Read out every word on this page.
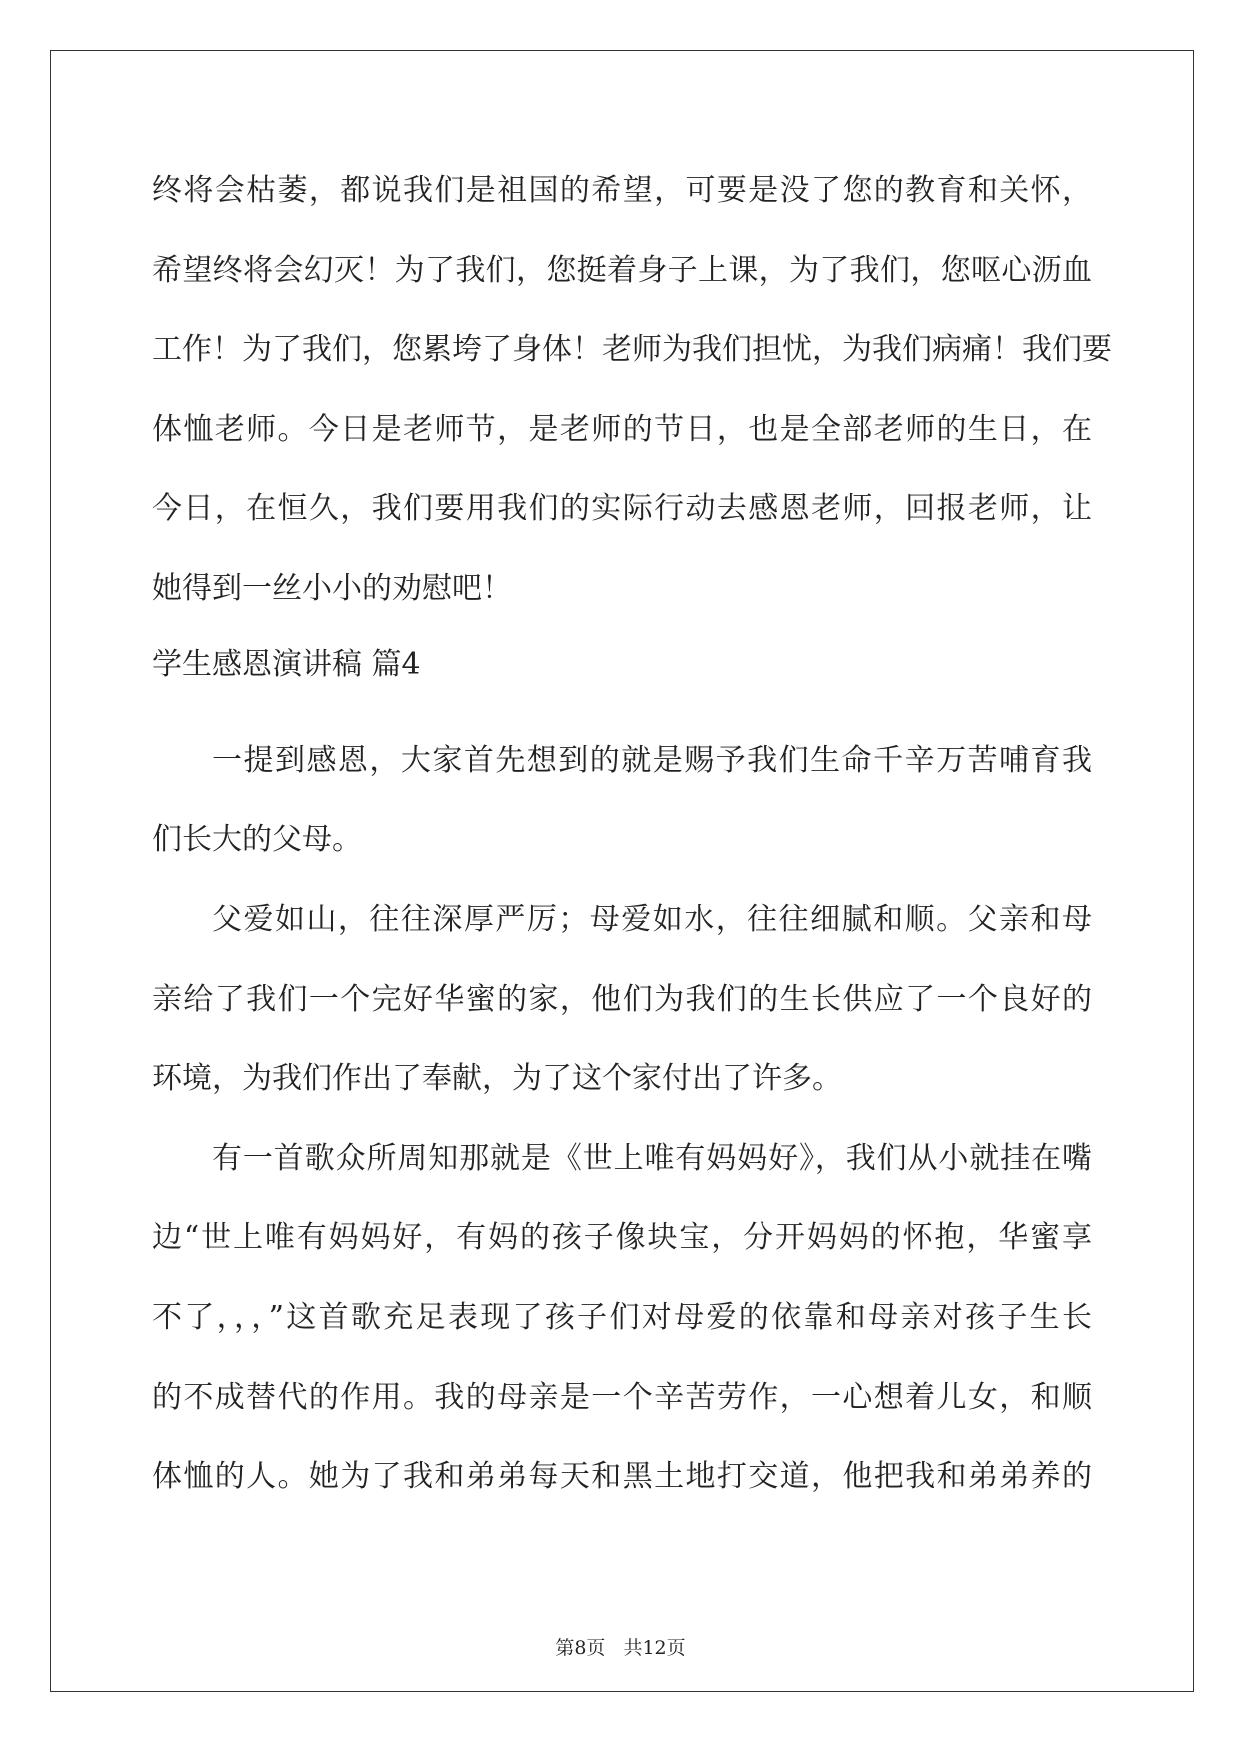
终将会枯萎，都说我们是祖国的希望，可要是没了您的教育和关怀，
希望终将会幻灭！为了我们，您挺着身子上课，为了我们，您呕心沥血
工作！为了我们，您累垮了身体！老师为我们担忧，为我们病痛！我们要
体恤老师。今日是老师节，是老师的节日，也是全部老师的生日，在
今日，在恒久，我们要用我们的实际行动去感恩老师，回报老师，让
她得到一丝小小的劝慰吧！
学生感恩演讲稿 篇4
一提到感恩，大家首先想到的就是赐予我们生命千辛万苦哺育我
们长大的父母。
父爱如山，往往深厚严厉；母爱如水，往往细腻和顺。父亲和母
亲给了我们一个完好华蜜的家，他们为我们的生长供应了一个良好的
环境，为我们作出了奉献，为了这个家付出了许多。
有一首歌众所周知那就是《世上唯有妈妈好》，我们从小就挂在嘴
边“世上唯有妈妈好，有妈的孩子像块宝，分开妈妈的怀抱，华蜜享
不了，，，”这首歌充足表现了孩子们对母爱的依靠和母亲对孩子生长
的不成替代的作用。我的母亲是一个辛苦劳作，一心想着儿女，和顺
体恤的人。她为了我和弟弟每天和黑土地打交道，他把我和弟弟养的
第8页 共12页
